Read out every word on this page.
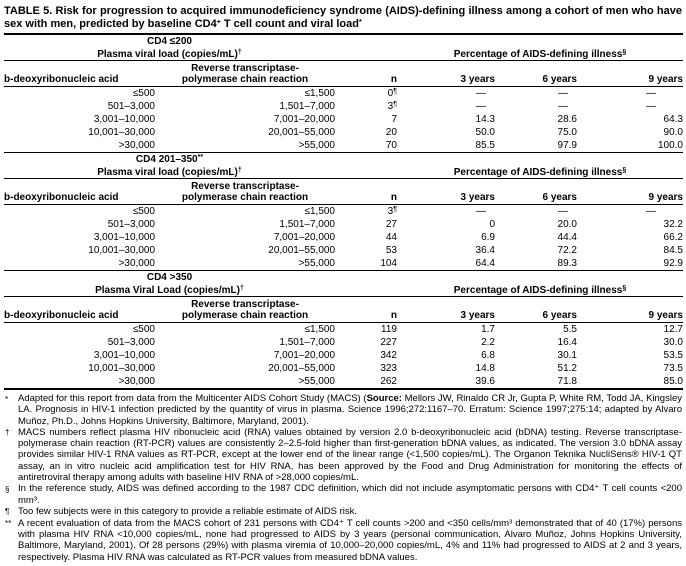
TABLE 5. Risk for progression to acquired immunodeficiency syndrome (AIDS)-defining illness among a cohort of men who have sex with men, predicted by baseline CD4+ T cell count and viral load*
CD4 ≤200					
Plasma viral load (copies/mL)†			Percentage of AIDS-defining illness§
b-deoxyribonucleic acid	Reverse transcriptase-
polymerase chain reaction	n	3 years	6 years	9 years
≤500	≤1,500	0¶	—	—	—
501–3,000	1,501–7,000	3¶	—	—	—
3,001–10,000	7,001–20,000	7	14.3	28.6	64.3
10,001–30,000	20,001–55,000	20	50.0	75.0	90.0
>30,000	>55,000	70	85.5	97.9	100.0
CD4 201–350**	
Plasma viral load (copies/mL)†			Percentage of AIDS-defining illness§
b-deoxyribonucleic acid	Reverse transcriptase-
polymerase chain reaction	n	3 years	6 years	9 years
≤500	≤1,500	3¶	—	—	—
501–3,000	1,501–7,000	27	0	20.0	32.2
3,001–10,000	7,001–20,000	44	6.9	44.4	66.2
10,001–30,000	20,001–55,000	53	36.4	72.2	84.5
>30,000	>55,000	104	64.4	89.3	92.9
CD4 >350					
Plasma Viral Load (copies/mL)†			Percentage of AIDS-defining illness§
b-deoxyribonucleic acid	Reverse transcriptase-
polymerase chain reaction	n	3 years	6 years	9 years
≤500	≤1,500	119	1.7	5.5	12.7
501–3,000	1,501–7,000	227	2.2	16.4	30.0
3,001–10,000	7,001–20,000	342	6.8	30.1	53.5
10,001–30,000	20,001–55,000	323	14.8	51.2	73.5
>30,000	>55,000	262	39.6	71.8	85.0
*	Adapted for this report from data from the Multicenter AIDS Cohort Study (MACS) (Source: Mellors JW, Rinaldo CR Jr, Gupta P, White RM, Todd JA, Kingsley LA. Prognosis in HIV-1 infection predicted by the quantity of virus in plasma. Science 1996;272:1167–70. Erratum: Science 1997;275:14; adapted by Alvaro Muñoz, Ph.D., Johns Hopkins University, Baltimore, Maryland, 2001).
† MACS numbers reflect plasma HIV ribonucleic acid (RNA) values obtained by version 2.0 b-deoxyribonucleic acid (bDNA) testing. Reverse transcriptase-polymerase chain reaction (RT-PCR) values are consistently 2–2.5-fold higher than first-generation bDNA values, as indicated. The version 3.0 bDNA assay provides similar HIV-1 RNA values as RT-PCR, except at the lower end of the linear range (<1,500 copies/mL). The Organon Teknika NucliSens® HIV-1 QT assay, an in vitro nucleic acid amplification test for HIV RNA, has been approved by the Food and Drug Administration for monitoring the effects of antiretroviral therapy among adults with baseline HIV RNA of >28,000 copies/mL.
§ In the reference study, AIDS was defined according to the 1987 CDC definition, which did not include asymptomatic persons with CD4⁺ T cell counts <200 mm³.
¶ Too few subjects were in this category to provide a reliable estimate of AIDS risk.
** A recent evaluation of data from the MACS cohort of 231 persons with CD4⁺ T cell counts >200 and <350 cells/mm³ demonstrated that of 40 (17%) persons with plasma HIV RNA <10,000 copies/mL, none had progressed to AIDS by 3 years (personal communication, Alvaro Muñoz, Johns Hopkins University, Baltimore, Maryland, 2001). Of 28 persons (29%) with plasma viremia of 10,000–20,000 copies/mL, 4% and 11% had progressed to AIDS at 2 and 3 years, respectively. Plasma HIV RNA was calculated as RT-PCR values from measured bDNA values.
